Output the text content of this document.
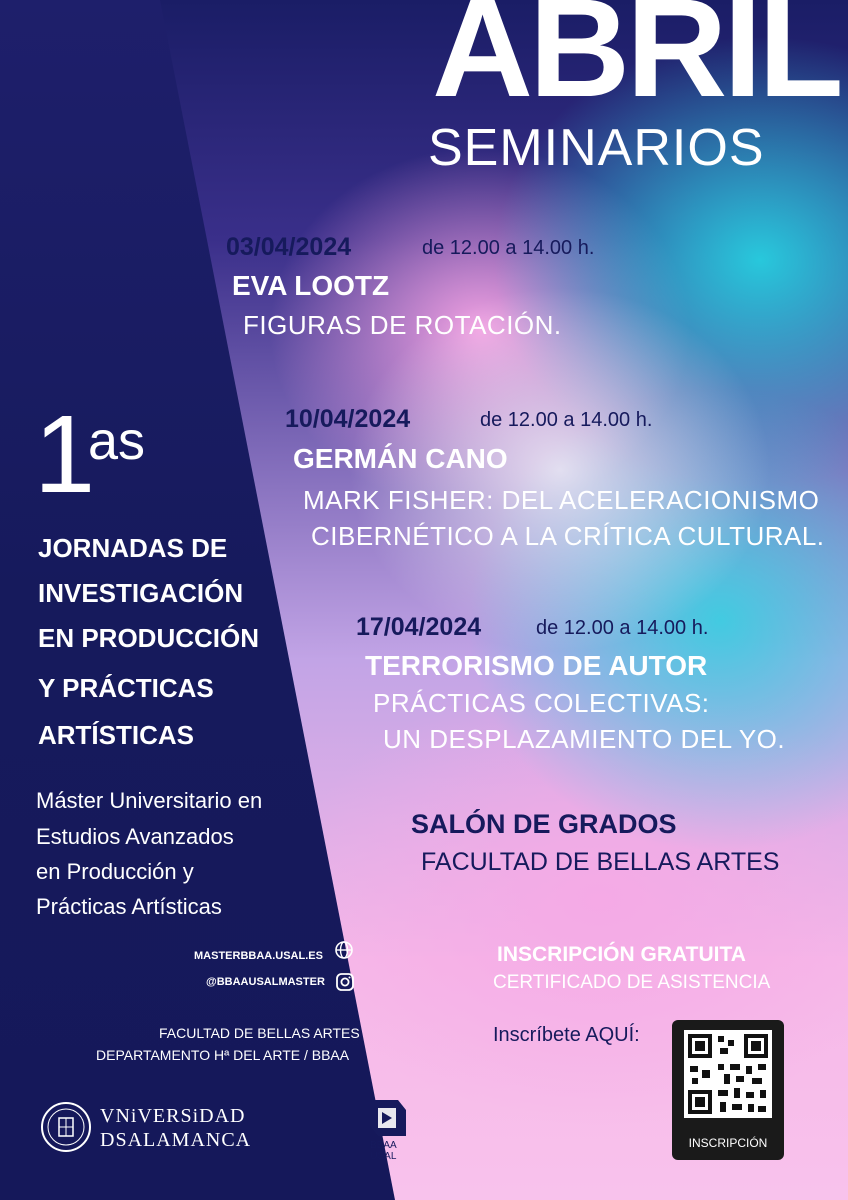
ABRIL
SEMINARIOS
03/04/2024	de 12.00 a 14.00 h.
EVA LOOTZ
FIGURAS DE ROTACIÓN.
10/04/2024	de 12.00 a 14.00 h.
GERMÁN CANO
MARK FISHER: DEL ACELERACIONISMO
CIBERNÉTICO A LA CRÍTICA CULTURAL.
17/04/2024	de 12.00 a 14.00 h.
TERRORISMO DE AUTOR
PRÁCTICAS COLECTIVAS:
UN DESPLAZAMIENTO DEL YO.
1
as
JORNADAS DE
INVESTIGACIÓN
EN PRODUCCIÓN
Y PRÁCTICAS
ARTÍSTICAS
Máster Universitario en
Estudios Avanzados
en Producción y
Prácticas Artísticas
MASTERBBAA.USAL.ES
@BBAAUSALMASTER
FACULTAD DE BELLAS ARTES
DEPARTAMENTO Hª DEL ARTE / BBAA
SALÓN DE GRADOS
FACULTAD DE BELLAS ARTES
INSCRIPCIÓN GRATUITA
CERTIFICADO DE ASISTENCIA
Inscríbete AQUÍ:
INSCRIPCIÓN
VNiVERSiDAD
DSALAMANCA	BBAA
USAL
